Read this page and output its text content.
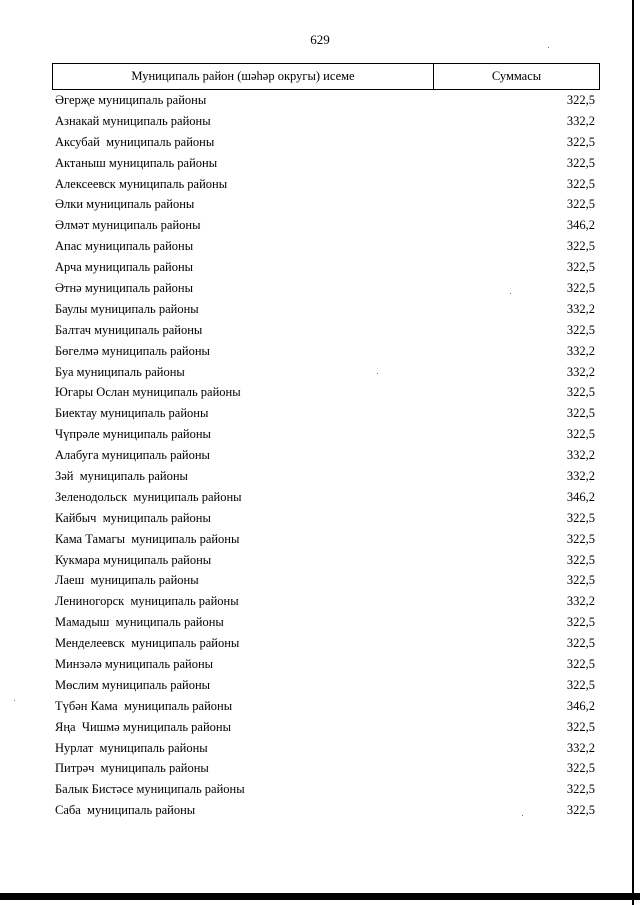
629
Муниципаль район (шәһәр округы) исеме	Суммасы
Әгерҗе муниципаль районы	322,5
Азнакай муниципаль районы	332,2
Аксубай  муниципаль районы	322,5
Актаныш муниципаль районы	322,5
Алексеевск муниципаль районы	322,5
Әлки муниципаль районы	322,5
Әлмәт муниципаль районы	346,2
Апас муниципаль районы	322,5
Арча муниципаль районы	322,5
Әтнә муниципаль районы	322,5
Баулы муниципаль районы	332,2
Балтач муниципаль районы	322,5
Бөгелмә муниципаль районы	332,2
Буа муниципаль районы	332,2
Югары Ослан муниципаль районы	322,5
Биектау муниципаль районы	322,5
Чүпрәле муниципаль районы	322,5
Алабуга муниципаль районы	332,2
Зәй  муниципаль районы	332,2
Зеленодольск  муниципаль районы	346,2
Кайбыч  муниципаль районы	322,5
Кама Тамагы  муниципаль районы	322,5
Кукмара муниципаль районы	322,5
Лаеш  муниципаль районы	322,5
Лениногорск  муниципаль районы	332,2
Мамадыш  муниципаль районы	322,5
Менделеевск  муниципаль районы	322,5
Минзәлә муниципаль районы	322,5
Мөслим муниципаль районы	322,5
Түбән Кама  муниципаль районы	346,2
Яңа  Чишмә муниципаль районы	322,5
Нурлат  муниципаль районы	332,2
Питрәч  муниципаль районы	322,5
Балык Бистәсе муниципаль районы	322,5
Саба  муниципаль районы	322,5
